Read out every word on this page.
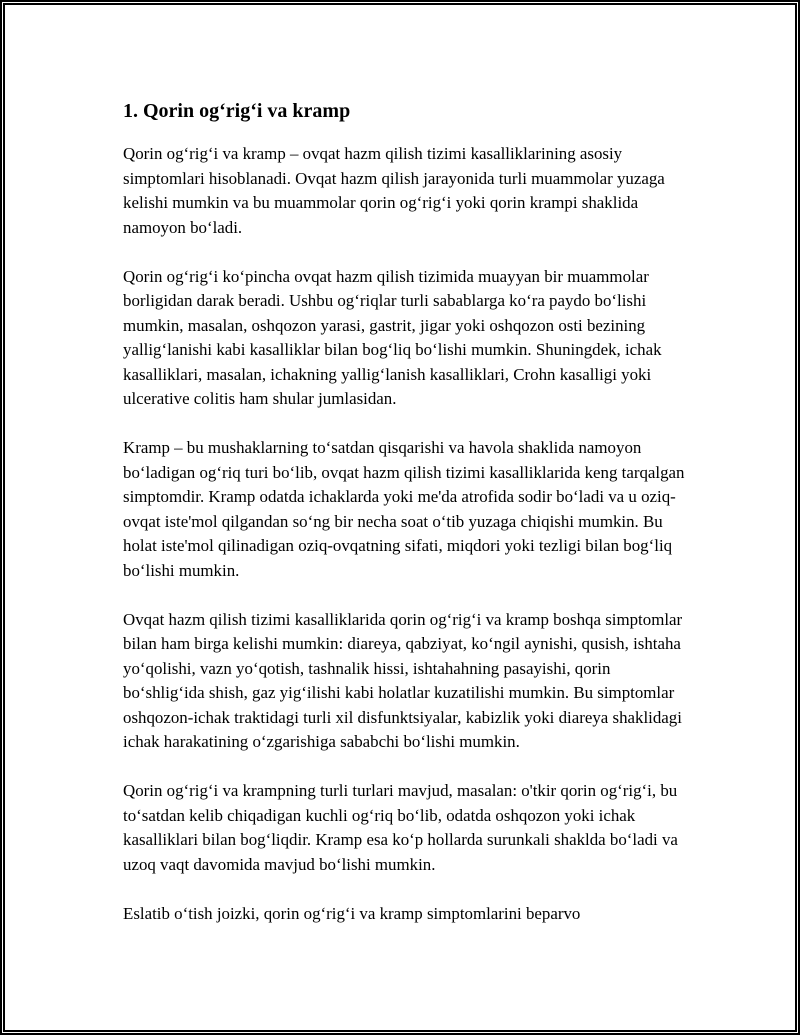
1. Qorin og‘rig‘i va kramp

Qorin og‘rig‘i va kramp – ovqat hazm qilish tizimi kasalliklarining asosiy simptomlari hisoblanadi. Ovqat hazm qilish jarayonida turli muammolar yuzaga kelishi mumkin va bu muammolar qorin og‘rig‘i yoki qorin krampi shaklida namoyon bo‘ladi.

Qorin og‘rig‘i ko‘pincha ovqat hazm qilish tizimida muayyan bir muammolar borligidan darak beradi. Ushbu og‘riqlar turli sabablarga ko‘ra paydo bo‘lishi mumkin, masalan, oshqozon yarasi, gastrit, jigar yoki oshqozon osti bezining yallig‘lanishi kabi kasalliklar bilan bog‘liq bo‘lishi mumkin. Shuningdek, ichak kasalliklari, masalan, ichakning yallig‘lanish kasalliklari, Crohn kasalligi yoki ulcerative colitis ham shular jumlasidan.

Kramp – bu mushaklarning to‘satdan qisqarishi va havola shaklida namoyon bo‘ladigan og‘riq turi bo‘lib, ovqat hazm qilish tizimi kasalliklarida keng tarqalgan simptomdir. Kramp odatda ichaklarda yoki me'da atrofida sodir bo‘ladi va u oziq-ovqat iste'mol qilgandan so‘ng bir necha soat o‘tib yuzaga chiqishi mumkin. Bu holat iste'mol qilinadigan oziq-ovqatning sifati, miqdori yoki tezligi bilan bog‘liq bo‘lishi mumkin.

Ovqat hazm qilish tizimi kasalliklarida qorin og‘rig‘i va kramp boshqa simptomlar bilan ham birga kelishi mumkin: diareya, qabziyat, ko‘ngil aynishi, qusish, ishtaha yo‘qolishi, vazn yo‘qotish, tashnalik hissi, ishtahahning pasayishi, qorin bo‘shlig‘ida shish, gaz yig‘ilishi kabi holatlar kuzatilishi mumkin. Bu simptomlar oshqozon-ichak traktidagi turli xil disfunktsiyalar, kabizlik yoki diareya shaklidagi ichak harakatining o‘zgarishiga sababchi bo‘lishi mumkin.

Qorin og‘rig‘i va krampning turli turlari mavjud, masalan: o'tkir qorin og‘rig‘i, bu to‘satdan kelib chiqadigan kuchli og‘riq bo‘lib, odatda oshqozon yoki ichak kasalliklari bilan bog‘liqdir. Kramp esa ko‘p hollarda surunkali shaklda bo‘ladi va uzoq vaqt davomida mavjud bo‘lishi mumkin.

Eslatib o‘tish joizki, qorin og‘rig‘i va kramp simptomlarini beparvo
